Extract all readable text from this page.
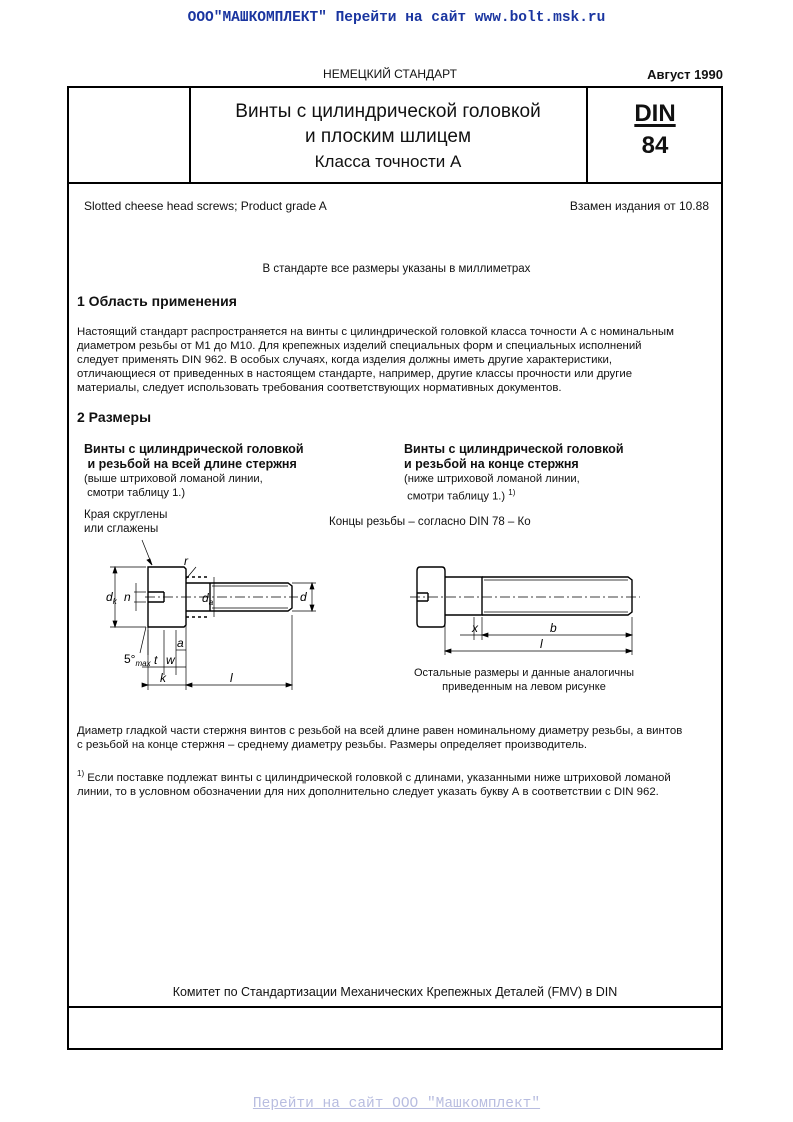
ООО"МАШКОМПЛЕКТ" Перейти на сайт www.bolt.msk.ru
НЕМЕЦКИЙ СТАНДАРТ	Август 1990
Винты с цилиндрической головкой
и плоским шлицем
Класса точности А
DIN
84
Slotted cheese head screws; Product grade A	Взамен издания от 10.88
В стандарте все размеры указаны в миллиметрах
1 Область применения
Настоящий стандарт распространяется на винты с цилиндрической головкой класса точности А с номинальным
диаметром резьбы от М1 до М10. Для крепежных изделий специальных форм и специальных исполнений
следует применять DIN 962. В особых случаях, когда изделия должны иметь другие характеристики,
отличающиеся от приведенных в настоящем стандарте, например, другие классы прочности или другие
материалы, следует использовать требования соответствующих нормативных документов.
2 Размеры
Винты с цилиндрической головкой
и резьбой на всей длине стержня
(выше штриховой ломаной линии,
смотри таблицу 1.)
Винты с цилиндрической головкой
и резьбой на конце стержня
(ниже штриховой ломаной линии,
смотри таблицу 1.) $^{1)}$
Края скруглены
или сглажены
Концы резьбы – согласно DIN 78 – Ко
$d_k$ n
r
$d_a$	d
$5^\circ_{max}$
a
t w
k	l
x	b
l
Остальные размеры и данные аналогичны
приведенным на левом рисунке
Диаметр гладкой части стержня винтов с резьбой на всей длине равен номинальному диаметру резьбы, а винтов
с резьбой на конце стержня – среднему диаметру резьбы. Размеры определяет производитель.
$^{1)}$ Если поставке подлежат винты с цилиндрической головкой с длинами, указанными ниже штриховой ломаной
линии, то в условном обозначении для них дополнительно следует указать букву А в соответствии с DIN 962.
Комитет по Стандартизации Механических Крепежных Деталей (FMV) в DIN
Перейти на сайт ООО "Машкомплект"
